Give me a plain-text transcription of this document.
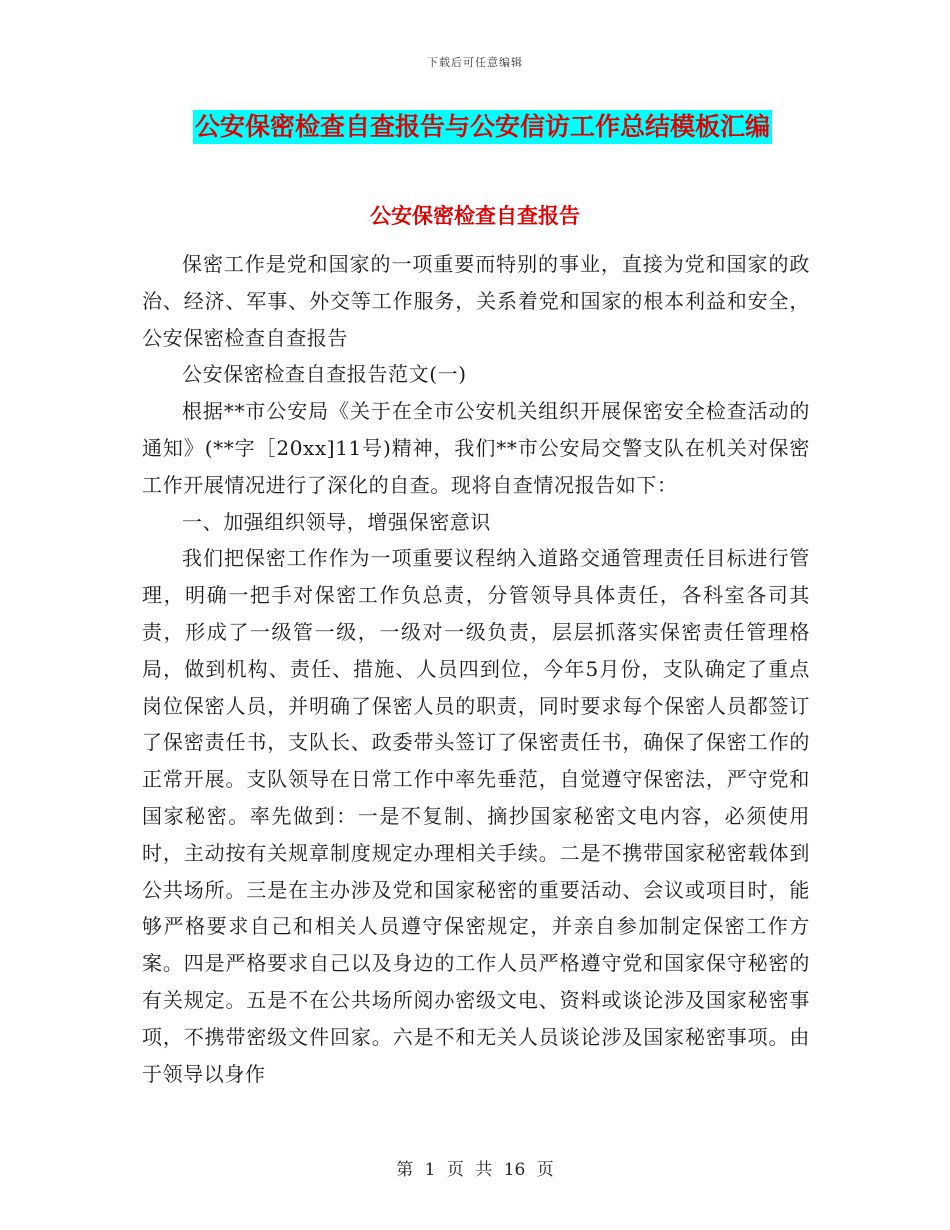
下载后可任意编辑
公安保密检查自查报告与公安信访工作总结模板汇编
公安保密检查自查报告

保密工作是党和国家的一项重要而特别的事业，直接为党和国家的政治、经济、军事、外交等工作服务，关系着党和国家的根本利益和安全，公安保密检查自查报告

公安保密检查自查报告范文(一)

根据**市公安局《关于在全市公安机关组织开展保密安全检查活动的通知》(**字［20xx]11号)精神，我们**市公安局交警支队在机关对保密工作开展情况进行了深化的自查。现将自查情况报告如下：

一、加强组织领导，增强保密意识

我们把保密工作作为一项重要议程纳入道路交通管理责任目标进行管理，明确一把手对保密工作负总责，分管领导具体责任，各科室各司其责，形成了一级管一级，一级对一级负责，层层抓落实保密责任管理格局，做到机构、责任、措施、人员四到位，今年5月份，支队确定了重点岗位保密人员，并明确了保密人员的职责，同时要求每个保密人员都签订了保密责任书，支队长、政委带头签订了保密责任书，确保了保密工作的正常开展。支队领导在日常工作中率先垂范，自觉遵守保密法，严守党和国家秘密。率先做到：一是不复制、摘抄国家秘密文电内容，必须使用时，主动按有关规章制度规定办理相关手续。二是不携带国家秘密载体到公共场所。三是在主办涉及党和国家秘密的重要活动、会议或项目时，能够严格要求自己和相关人员遵守保密规定，并亲自参加制定保密工作方案。四是严格要求自己以及身边的工作人员严格遵守党和国家保守秘密的有关规定。五是不在公共场所阅办密级文电、资料或谈论涉及国家秘密事项，不携带密级文件回家。六是不和无关人员谈论涉及国家秘密事项。由于领导以身作

第 1 页 共 16 页
